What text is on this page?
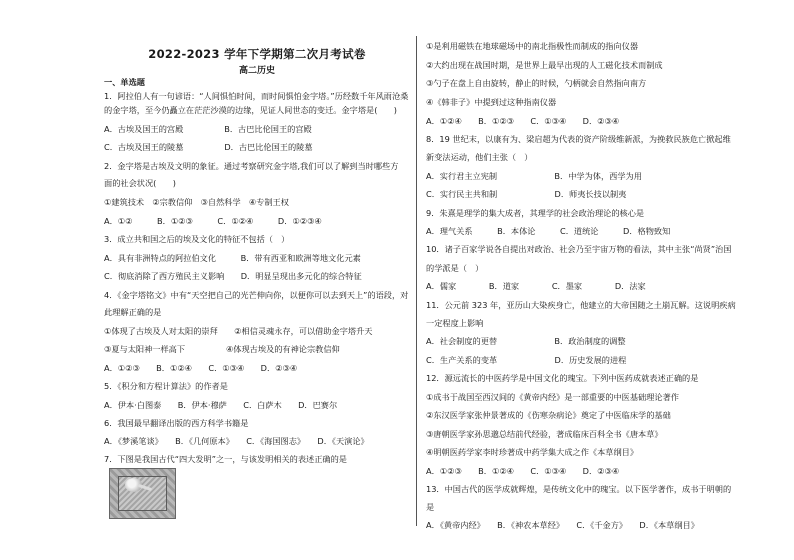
2022-2023 学年下学期第二次月考试卷
高二历史
一、单选题
1．阿拉伯人有一句谚语：“人间惧怕时间，而时间惧怕金字塔。”历经数千年风雨沧桑
的金字塔，至今仍矗立在茫茫沙漠的边缘，见证人间世态的变迁。金字塔是(　　)
A．古埃及国王的宫殿　　　　　B．古巴比伦国王的宫殿
C．古埃及国王的陵墓　　　　　D．古巴比伦国王的陵墓
2．金字塔是古埃及文明的象征。通过考察研究金字塔,我们可以了解到当时哪些方
面的社会状况(　　)
①建筑技术　②宗教信仰　③自然科学　④专制王权
A．①②　　　B．①②③　　　C．①②④　　　D．①②③④
3．成立共和国之后的埃及文化的特征不包括（　）
A．具有非洲特点的阿拉伯文化　　　B．带有西亚和欧洲等地文化元素
C．彻底消除了西方殖民主义影响　　D．明显呈现出多元化的综合特征
4．《金字塔铭文》中有“天空把自己的光芒伸向你，以便你可以去到天上”的语段，对
此理解正确的是
①体现了古埃及人对太阳的崇拜　　②相信灵魂永存，可以借助金字塔升天
③夏与太阳神一样高下　　　　　④体现古埃及的有神论宗教信仰
A．①②③　　B．①②④　　C．①③④　　D．②③④
5．《积分和方程计算法》的作者是
A．伊本·白图泰　　B．伊本·穆萨　　C．白萨木　　D．巴赛尔
6．我国最早翻译出版的西方科学书籍是
A．《梦溪笔谈》　　B．《几何原本》　　C．《海国图志》　　D．《天演论》
7．下图是我国古代“四大发明”之一，与该发明相关的表述正确的是
①是利用磁铁在地球磁场中的南北指极性而制成的指向仪器
②大约出现在战国时期，是世界上最早出现的人工磁化技术而制成
③勺子在盘上自由旋转，静止的时候，勺柄就会自然指向南方
④《韩非子》中提到过这种指南仪器
A．①②④　　B．①②③　　C．①③④　　D．②③④
8．19 世纪末，以康有为、梁启超为代表的资产阶级维新派，为挽救民族危亡掀起维
新变法运动，他们主张（　）
A．实行君主立宪制　　　　　　　B．中学为体，西学为用
C．实行民主共和制　　　　　　　D．师夷长技以制夷
9．朱熹是理学的集大成者，其理学的社会政治理论的核心是
A．理气关系　　　B．本体论　　　C．道统论　　　D．格物致知
10．诸子百家学说各自提出对政治、社会乃至宇宙万物的看法，其中主张“尚贤”治国
的学派是（　）
A．儒家　　　　B．道家　　　　C．墨家　　　　D．法家
11．公元前 323 年，亚历山大染疾身亡，他建立的大帝国随之土崩瓦解。这说明疾病
一定程度上影响
A．社会制度的更替　　　　　　　B．政治制度的调整
C．生产关系的变革　　　　　　　D．历史发展的进程
12．源远流长的中医药学是中国文化的瑰宝。下列中医药成就表述正确的是
①成书于战国至西汉间的《黄帝内经》是一部重要的中医基础理论著作
②东汉医学家张仲景著成的《伤寒杂病论》奠定了中医临床学的基础
③唐朝医学家孙思邈总结前代经验，著成临床百科全书《唐本草》
④明朝医药学家李时珍著成中药学集大成之作《本草纲目》
A．①②③　　B．①②④　　C．①③④　　D．②③④
13．中国古代的医学成就辉煌，是传统文化中的瑰宝。以下医学著作，成书于明朝的
是
A．《黄帝内经》　　B．《神农本草经》　　C．《千金方》　　D．《本草纲目》
